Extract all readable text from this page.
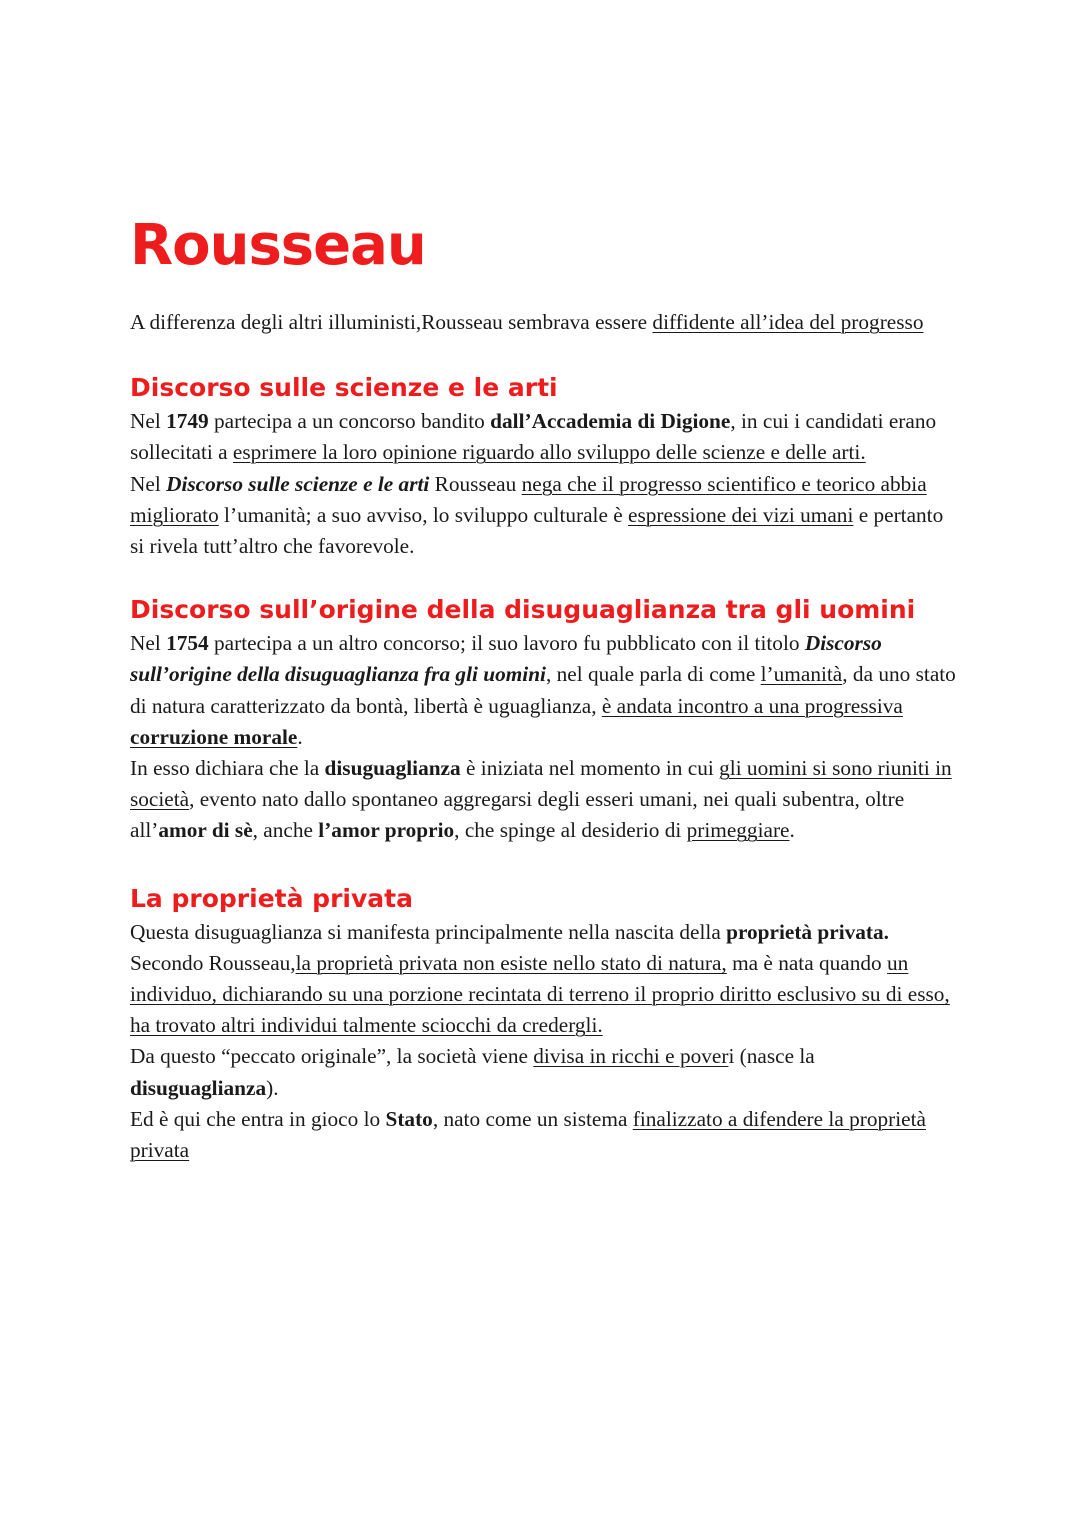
Rousseau

A differenza degli altri illuministi,Rousseau sembrava essere diffidente all’idea del progresso

Discorso sulle scienze e le arti

Nel 1749 partecipa a un concorso bandito dall’Accademia di Digione, in cui i candidati erano sollecitati a esprimere la loro opinione riguardo allo sviluppo delle scienze e delle arti.

Nel Discorso sulle scienze e le arti Rousseau nega che il progresso scientifico e teorico abbia migliorato l’umanità; a suo avviso, lo sviluppo culturale è espressione dei vizi umani e pertanto si rivela tutt’altro che favorevole.

Discorso sull’origine della disuguaglianza tra gli uomini

Nel 1754 partecipa a un altro concorso; il suo lavoro fu pubblicato con il titolo Discorso sull’origine della disuguaglianza fra gli uomini, nel quale parla di come l’umanità, da uno stato di natura caratterizzato da bontà, libertà è uguaglianza, è andata incontro a una progressiva corruzione morale.

In esso dichiara che la disuguaglianza è iniziata nel momento in cui gli uomini si sono riuniti in società, evento nato dallo spontaneo aggregarsi degli esseri umani, nei quali subentra, oltre all’amor di sè, anche l’amor proprio, che spinge al desiderio di primeggiare.

La proprietà privata

Questa disuguaglianza si manifesta principalmente nella nascita della proprietà privata.

Secondo Rousseau,la proprietà privata non esiste nello stato di natura, ma è nata quando un individuo, dichiarando su una porzione recintata di terreno il proprio diritto esclusivo su di esso, ha trovato altri individui talmente sciocchi da credergli.

Da questo “peccato originale”, la società viene divisa in ricchi e poveri (nasce la disuguaglianza).

Ed è qui che entra in gioco lo Stato, nato come un sistema finalizzato a difendere la proprietà privata
